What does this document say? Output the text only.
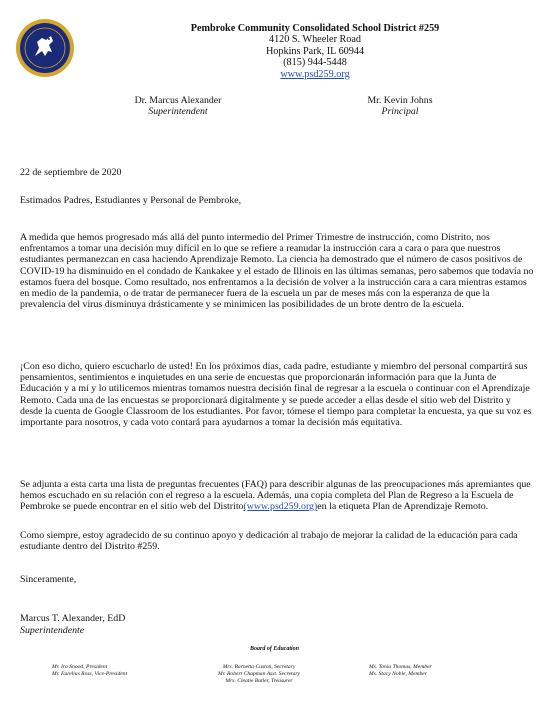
Pembroke Community Consolidated School District #259
4120 S. Wheeler Road
Hopkins Park, IL 60944
(815) 944-5448
www.psd259.org
Dr. Marcus Alexander
Superintendent
Mr. Kevin Johns
Principal
22 de septiembre de 2020
Estimados Padres, Estudiantes y Personal de Pembroke,

A medida que hemos progresado más allá del punto intermedio del Primer Trimestre de instrucción, como Distrito, nos enfrentamos a tomar una decisión muy difícil en lo que se refiere a reanudar la instrucción cara a cara o para que nuestros estudiantes permanezcan en casa haciendo Aprendizaje Remoto. La ciencia ha demostrado que el número de casos positivos de COVID-19 ha disminuido en el condado de Kankakee y el estado de Illinois en las últimas semanas, pero sabemos que todavía no estamos fuera del bosque. Como resultado, nos enfrentamos a la decisión de volver a la instrucción cara a cara mientras estamos en medio de la pandemia, o de tratar de permanecer fuera de la escuela un par de meses más con la esperanza de que la prevalencia del virus disminuya drásticamente y se minimicen las posibilidades de un brote dentro de la escuela.

¡Con eso dicho, quiero escucharlo de usted! En los próximos días, cada padre, estudiante y miembro del personal compartirá sus pensamientos, sentimientos e inquietudes en una serie de encuestas que proporcionarán información para que la Junta de Educación y a mí y lo utilicemos mientras tomamos nuestra decisión final de regresar a la escuela o continuar con el Aprendizaje Remoto. Cada una de las encuestas se proporcionará digitalmente y se puede acceder a ellas desde el sitio web del Distrito y desde la cuenta de Google Classroom de los estudiantes. Por favor, tómese el tiempo para completar la encuesta, ya que su voz es importante para nosotros, y cada voto contará para ayudarnos a tomar la decisión más equitativa.

Se adjunta a esta carta una lista de preguntas frecuentes (FAQ) para describir algunas de las preocupaciones más apremiantes que hemos escuchado en su relación con el regreso a la escuela. Además, una copia completa del Plan de Regreso a la Escuela de Pembroke se puede encontrar en el sitio web del Distrito(www.psd259.org)en la etiqueta Plan de Aprendizaje Remoto.

Como siempre, estoy agradecido de su continuo apoyo y dedicación al trabajo de mejorar la calidad de la educación para cada estudiante dentro del Distrito #259.

Sinceramente,
Marcus T. Alexander, EdD
Superintendente
Board of Education
Mr. Ira Snood, President
Mr. Eurelius Ross, Vice-President
Mrs. Barnetta Caston, Secretary
Mr. Robert Chapman Asst. Secretary
Mrs. Cleatie Butler, Treasurer
Ms. Tonia Thomas, Member
Ms. Stacy Noble, Member
